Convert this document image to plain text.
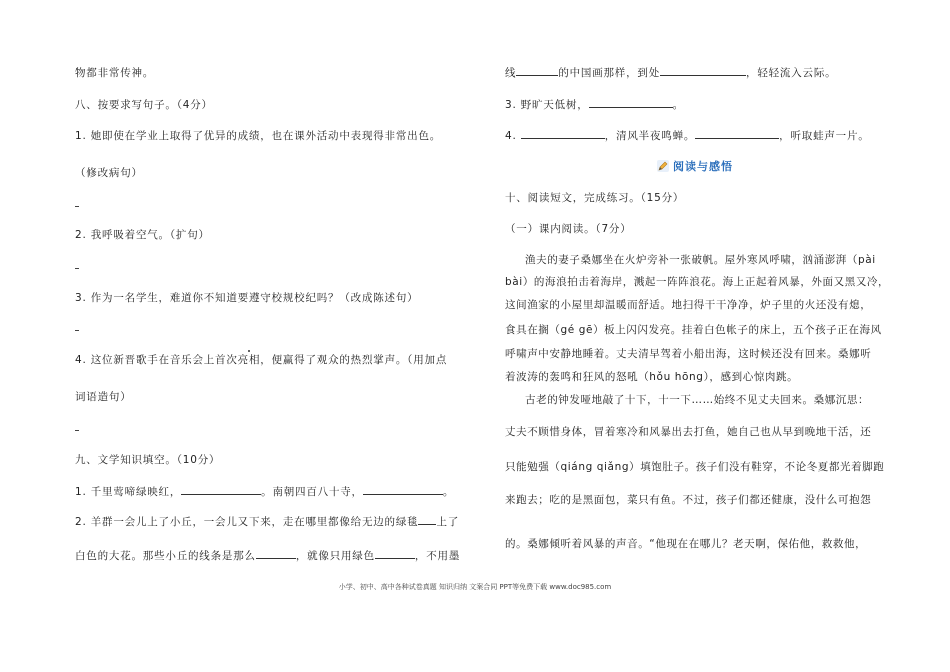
物都非常传神。
八、按要求写句子。（4分）
1. 她即使在学业上取得了优异的成绩，也在课外活动中表现得非常出色。
（修改病句）
2. 我呼吸着空气。（扩句）
3. 作为一名学生，难道你不知道要遵守校规校纪吗？（改成陈述句）
4. 这位新晋歌手在音乐会上首次亮相，便赢得了观众的热烈掌声。（用加点
词语造句）
九、文学知识填空。（10分）
1. 千里莺啼绿映红，	。南朝四百八十寺，	。
2. 羊群一会儿上了小丘，一会儿又下来，走在哪里都像给无边的绿毯 上了
白色的大花。那些小丘的线条是那么	，就像只用绿色	，不用墨
线	的中国画那样，到处	，轻轻流入云际。
3. 野旷天低树，	。
4.	，清风半夜鸣蝉。	，听取蛙声一片。
阅读与感悟
十、阅读短文，完成练习。（15分）
（一）课内阅读。（7分）
渔夫的妻子桑娜坐在火炉旁补一张破帆。屋外寒风呼啸，汹涌澎湃（pài
bài）的海浪拍击着海岸，溅起一阵阵浪花。海上正起着风暴，外面又黑又冷，
这间渔家的小屋里却温暖而舒适。地扫得干干净净，炉子里的火还没有熄，
食具在搁（gé gē）板上闪闪发亮。挂着白色帐子的床上，五个孩子正在海风
呼啸声中安静地睡着。丈夫清早驾着小船出海，这时候还没有回来。桑娜听
着波涛的轰鸣和狂风的怒吼（hǒu hōng），感到心惊肉跳。
古老的钟发哑地敲了十下，十一下……始终不见丈夫回来。桑娜沉思：
丈夫不顾惜身体，冒着寒冷和风暴出去打鱼，她自己也从早到晚地干活，还
只能勉强（qiáng qiǎng）填饱肚子。孩子们没有鞋穿，不论冬夏都光着脚跑
来跑去；吃的是黑面包，菜只有鱼。不过，孩子们都还健康，没什么可抱怨
的。桑娜倾听着风暴的声音。“他现在在哪儿？老天啊，保佑他，救救他，
小学、初中、高中各种试卷真题 知识归纳 文案合同 PPT等免费下载 www.doc985.com
